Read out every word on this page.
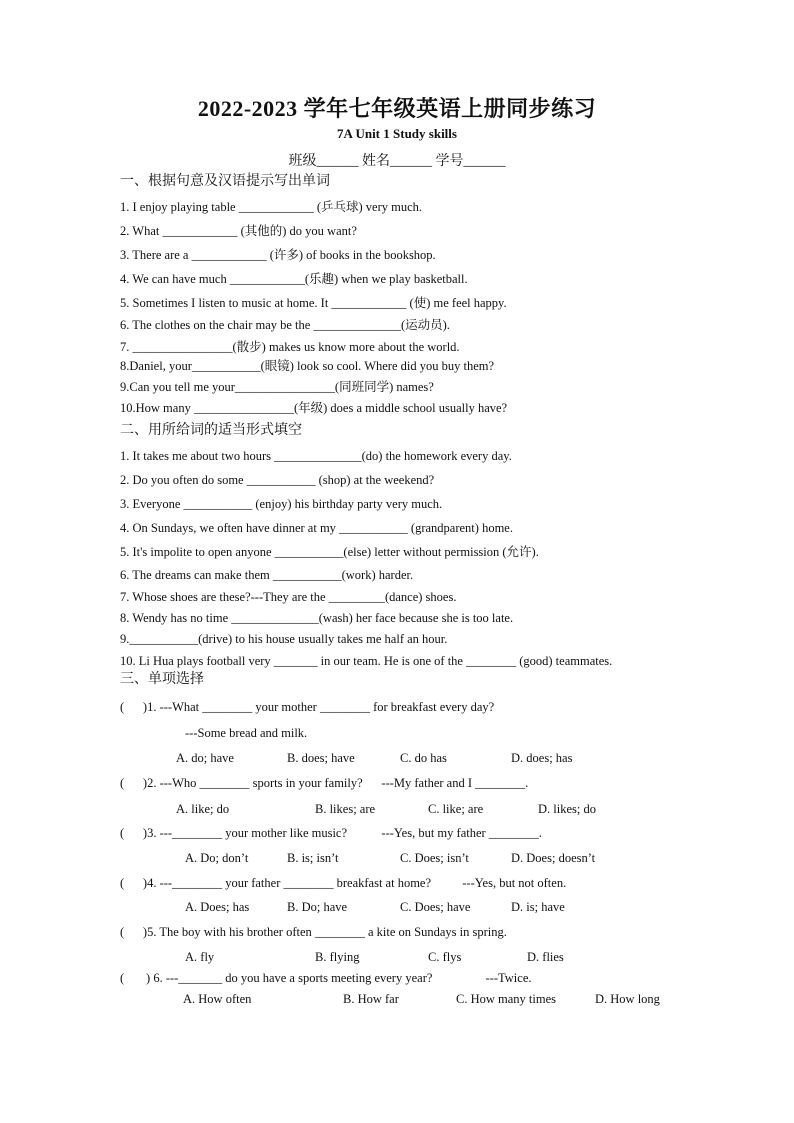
2022-2023 学年七年级英语上册同步练习
7A Unit 1 Study skills
班级______ 姓名______ 学号______
一、根据句意及汉语提示写出单词
1. I enjoy playing table ____________ (乒乓球) very much.
2. What ____________ (其他的) do you want?
3. There are a ____________ (许多) of books in the bookshop.
4. We can have much ____________(乐趣) when we play basketball.
5. Sometimes I listen to music at home. It ____________ (使) me feel happy.
6. The clothes on the chair may be the ______________(运动员).
7. ________________(散步) makes us know more about the world.
8.Daniel, your___________(眼镜) look so cool. Where did you buy them?
9.Can you tell me your________________(同班同学) names?
10.How many ________________(年级) does a middle school usually have?
二、用所给词的适当形式填空
1. It takes me about two hours ______________(do) the homework every day.
2. Do you often do some ___________ (shop) at the weekend?
3. Everyone ___________ (enjoy) his birthday party very much.
4. On Sundays, we often have dinner at my ___________ (grandparent) home.
5. It's impolite to open anyone ___________(else) letter without permission (允许).
6. The dreams can make them ___________(work) harder.
7. Whose shoes are these?---They are the _________(dance) shoes.
8. Wendy has no time ______________(wash) her face because she is too late.
9.___________(drive) to his house usually takes me half an hour.
10. Li Hua plays football very _______ in our team. He is one of the ________ (good) teammates.
三、单项选择
(      )1. ---What ________ your mother ________ for breakfast every day?
---Some bread and milk.
A. do; have	B. does; have	C. do has	D. does; has
(      )2. ---Who ________ sports in your family?      ---My father and I ________.
A. like; do	B. likes; are	C. like; are	D. likes; do
(      )3. ---________ your mother like music?           ---Yes, but my father ________.
A. Do; don’t	B. is; isn’t	C. Does; isn’t	D. Does; doesn’t
(      )4. ---________ your father ________ breakfast at home?          ---Yes, but not often.
A. Does; has	B. Do; have	C. Does; have	D. is; have
(      )5. The boy with his brother often ________ a kite on Sundays in spring.
A. fly	B. flying	C. flys	D. flies
(       ) 6. ---_______ do you have a sports meeting every year?                 ---Twice.
A. How often	B. How far	C. How many times	D. How long
